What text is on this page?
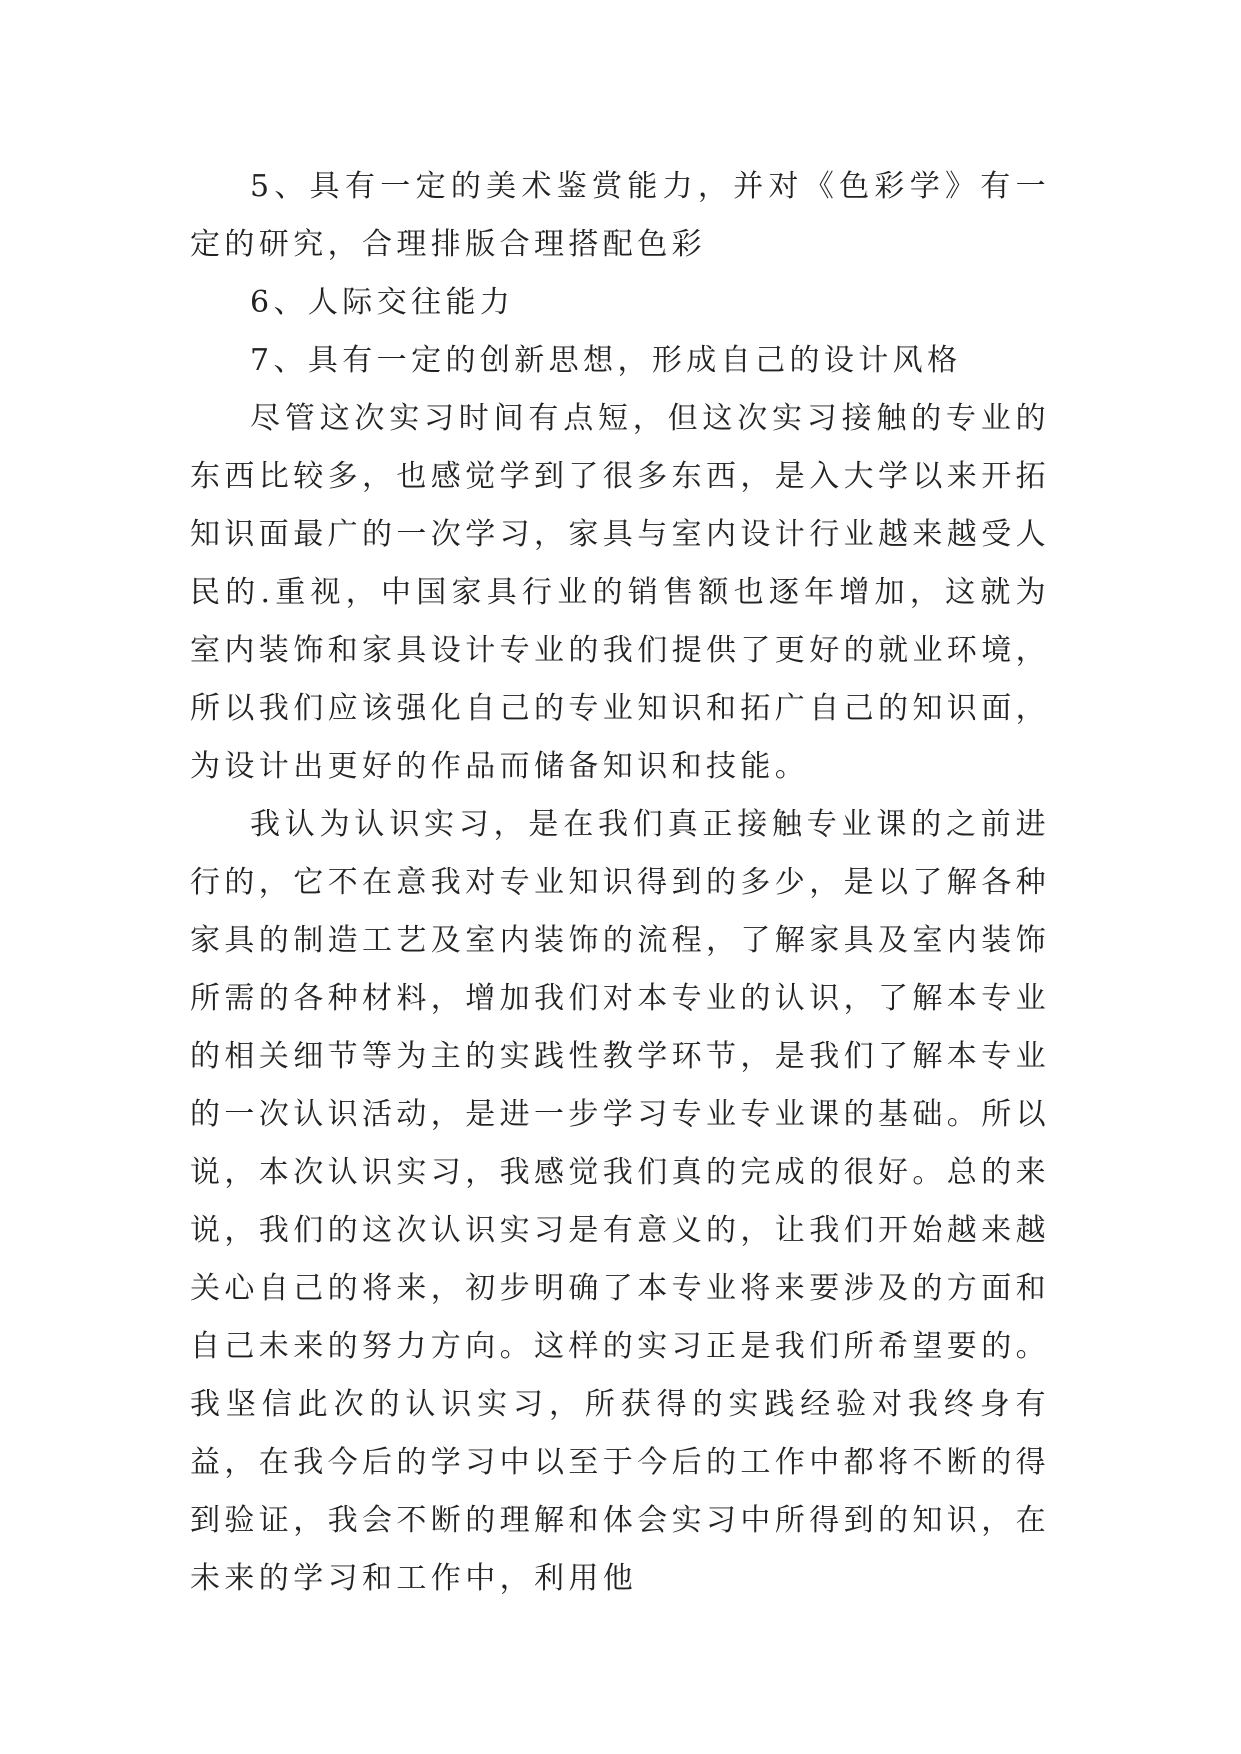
5、具有一定的美术鉴赏能力，并对《色彩学》有一定的研究，合理排版合理搭配色彩

6、人际交往能力

7、具有一定的创新思想，形成自己的设计风格

尽管这次实习时间有点短，但这次实习接触的专业的东西比较多，也感觉学到了很多东西，是入大学以来开拓知识面最广的一次学习，家具与室内设计行业越来越受人民的.重视，中国家具行业的销售额也逐年增加，这就为室内装饰和家具设计专业的我们提供了更好的就业环境，所以我们应该强化自己的专业知识和拓广自己的知识面，为设计出更好的作品而储备知识和技能。

我认为认识实习，是在我们真正接触专业课的之前进行的，它不在意我对专业知识得到的多少，是以了解各种家具的制造工艺及室内装饰的流程，了解家具及室内装饰所需的各种材料，增加我们对本专业的认识，了解本专业的相关细节等为主的实践性教学环节，是我们了解本专业的一次认识活动，是进一步学习专业专业课的基础。所以说，本次认识实习，我感觉我们真的完成的很好。总的来说，我们的这次认识实习是有意义的，让我们开始越来越关心自己的将来，初步明确了本专业将来要涉及的方面和自己未来的努力方向。这样的实习正是我们所希望要的。我坚信此次的认识实习，所获得的实践经验对我终身有益，在我今后的学习中以至于今后的工作中都将不断的得到验证，我会不断的理解和体会实习中所得到的知识，在未来的学习和工作中，利用他
